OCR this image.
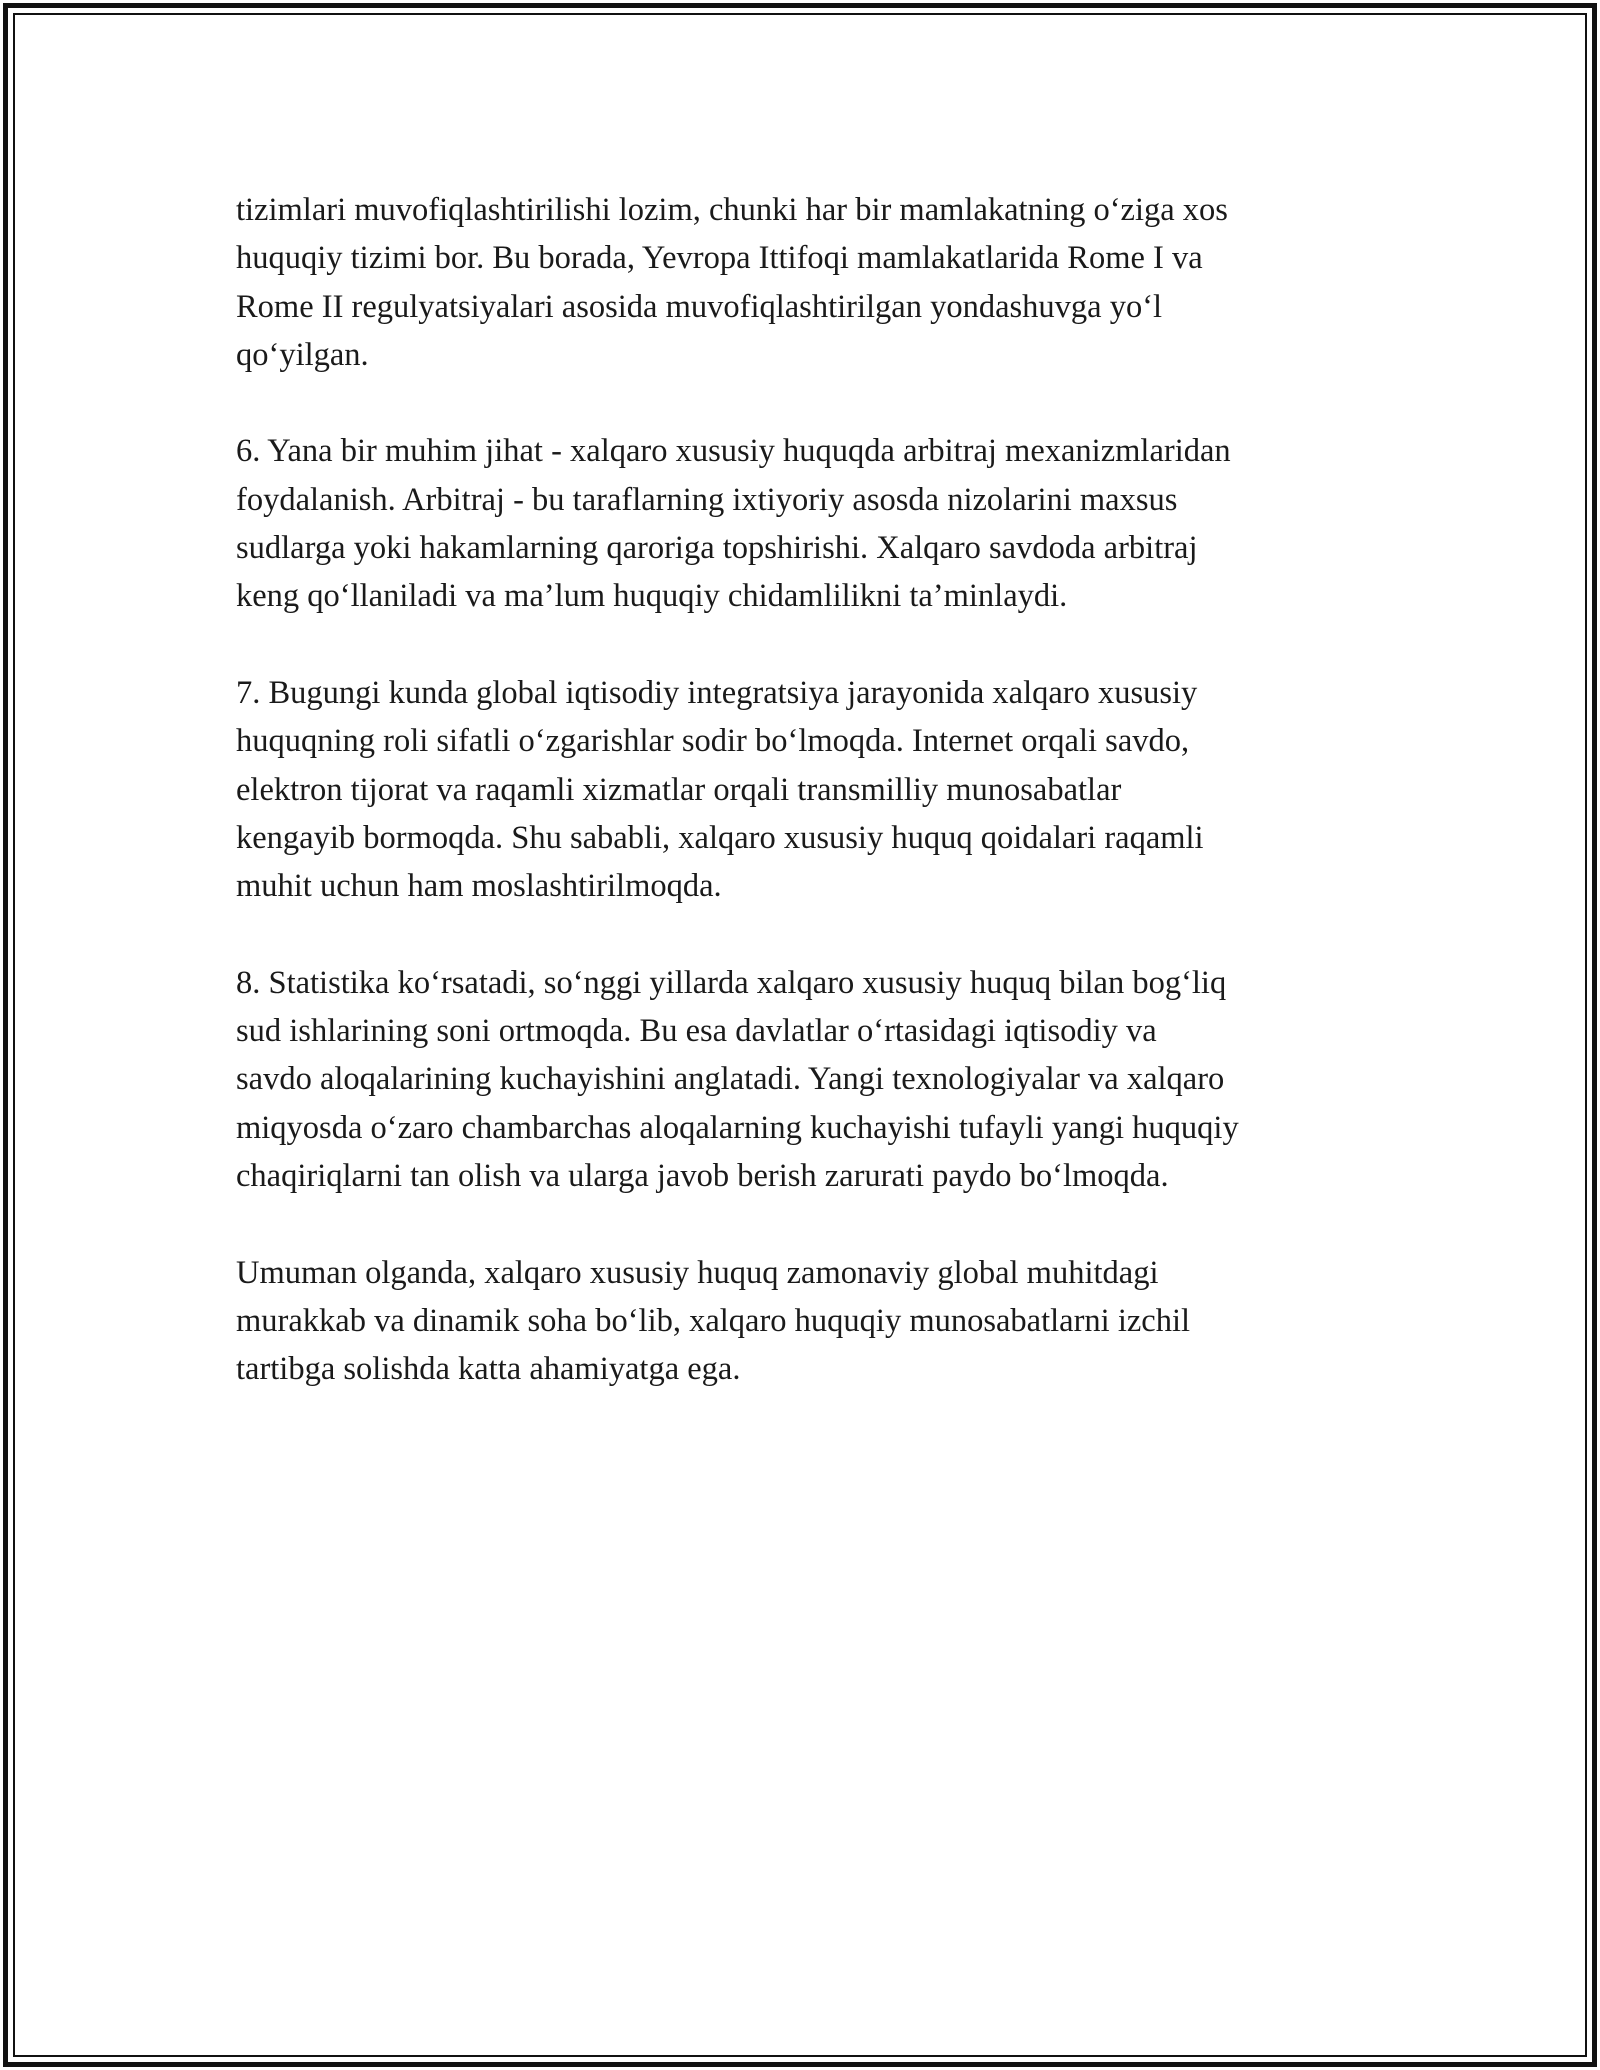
tizimlari muvofiqlashtirilishi lozim, chunki har bir mamlakatning o‘ziga xos
huquqiy tizimi bor. Bu borada, Yevropa Ittifoqi mamlakatlarida Rome I va
Rome II regulyatsiyalari asosida muvofiqlashtirilgan yondashuvga yo‘l
qo‘yilgan.

6. Yana bir muhim jihat - xalqaro xususiy huquqda arbitraj mexanizmlaridan
foydalanish. Arbitraj - bu taraflarning ixtiyoriy asosda nizolarini maxsus
sudlarga yoki hakamlarning qaroriga topshirishi. Xalqaro savdoda arbitraj
keng qo‘llaniladi va ma’lum huquqiy chidamlilikni ta’minlaydi.

7. Bugungi kunda global iqtisodiy integratsiya jarayonida xalqaro xususiy
huquqning roli sifatli o‘zgarishlar sodir bo‘lmoqda. Internet orqali savdo,
elektron tijorat va raqamli xizmatlar orqali transmilliy munosabatlar
kengayib bormoqda. Shu sababli, xalqaro xususiy huquq qoidalari raqamli
muhit uchun ham moslashtirilmoqda.

8. Statistika ko‘rsatadi, so‘nggi yillarda xalqaro xususiy huquq bilan bog‘liq
sud ishlarining soni ortmoqda. Bu esa davlatlar o‘rtasidagi iqtisodiy va
savdo aloqalarining kuchayishini anglatadi. Yangi texnologiyalar va xalqaro
miqyosda o‘zaro chambarchas aloqalarning kuchayishi tufayli yangi huquqiy
chaqiriqlarni tan olish va ularga javob berish zarurati paydo bo‘lmoqda.

Umuman olganda, xalqaro xususiy huquq zamonaviy global muhitdagi
murakkab va dinamik soha bo‘lib, xalqaro huquqiy munosabatlarni izchil
tartibga solishda katta ahamiyatga ega.
